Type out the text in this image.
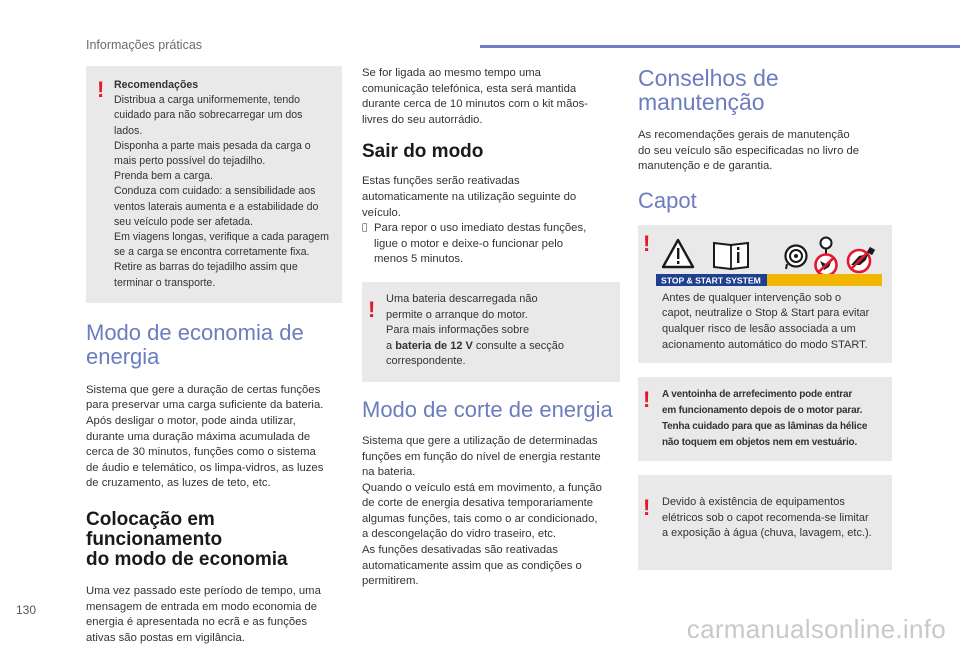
Informações práticas
! Recomendações

Distribua a carga uniformemente, tendo
cuidado para não sobrecarregar um dos
lados.
Disponha a parte mais pesada da carga o
mais perto possível do tejadilho.
Prenda bem a carga.
Conduza com cuidado: a sensibilidade aos
ventos laterais aumenta e a estabilidade do
seu veículo pode ser afetada.
Em viagens longas, verifique a cada paragem
se a carga se encontra corretamente fixa.
Retire as barras do tejadilho assim que
terminar o transporte.

Modo de economia de
energia

Sistema que gere a duração de certas funções
para preservar uma carga suficiente da bateria.
Após desligar o motor, pode ainda utilizar,
durante uma duração máxima acumulada de
cerca de 30 minutos, funções como o sistema
de áudio e telemático, os limpa-vidros, as luzes
de cruzamento, as luzes de teto, etc.

Colocação em funcionamento
do modo de economia

Uma vez passado este período de tempo, uma
mensagem de entrada em modo economia de
energia é apresentada no ecrã e as funções
ativas são postas em vigilância.

Se for ligada ao mesmo tempo uma
comunicação telefónica, esta será mantida
durante cerca de 10 minutos com o kit mãos-
livres do seu autorrádio.

Sair do modo

Estas funções serão reativadas
automaticamente na utilização seguinte do
veículo.

Para repor o uso imediato destas funções,
ligue o motor e deixe-o funcionar pelo
menos 5 minutos.
! Uma bateria descarregada não
permite o arranque do motor.
Para mais informações sobre
a bateria de 12 V consulte a secção
correspondente.

Modo de corte de energia

Sistema que gere a utilização de determinadas
funções em função do nível de energia restante
na bateria.
Quando o veículo está em movimento, a função
de corte de energia desativa temporariamente
algumas funções, tais como o ar condicionado,
a descongelação do vidro traseiro, etc.
As funções desativadas são reativadas
automaticamente assim que as condições o
permitirem.

Conselhos de
manutenção

As recomendações gerais de manutenção
do seu veículo são especificadas no livro de
manutenção e de garantia.

Capot
!
STOP & START SYSTEM

Antes de qualquer intervenção sob o
capot, neutralize o Stop & Start para evitar
qualquer risco de lesão associada a um
acionamento automático do modo START.

! A ventoinha de arrefecimento pode entrar
em funcionamento depois de o motor parar.
Tenha cuidado para que as lâminas da hélice
não toquem em objetos nem em vestuário.

! Devido à existência de equipamentos
elétricos sob o capot recomenda-se limitar
a exposição à água (chuva, lavagem, etc.).

130
carmanualsonline.info
